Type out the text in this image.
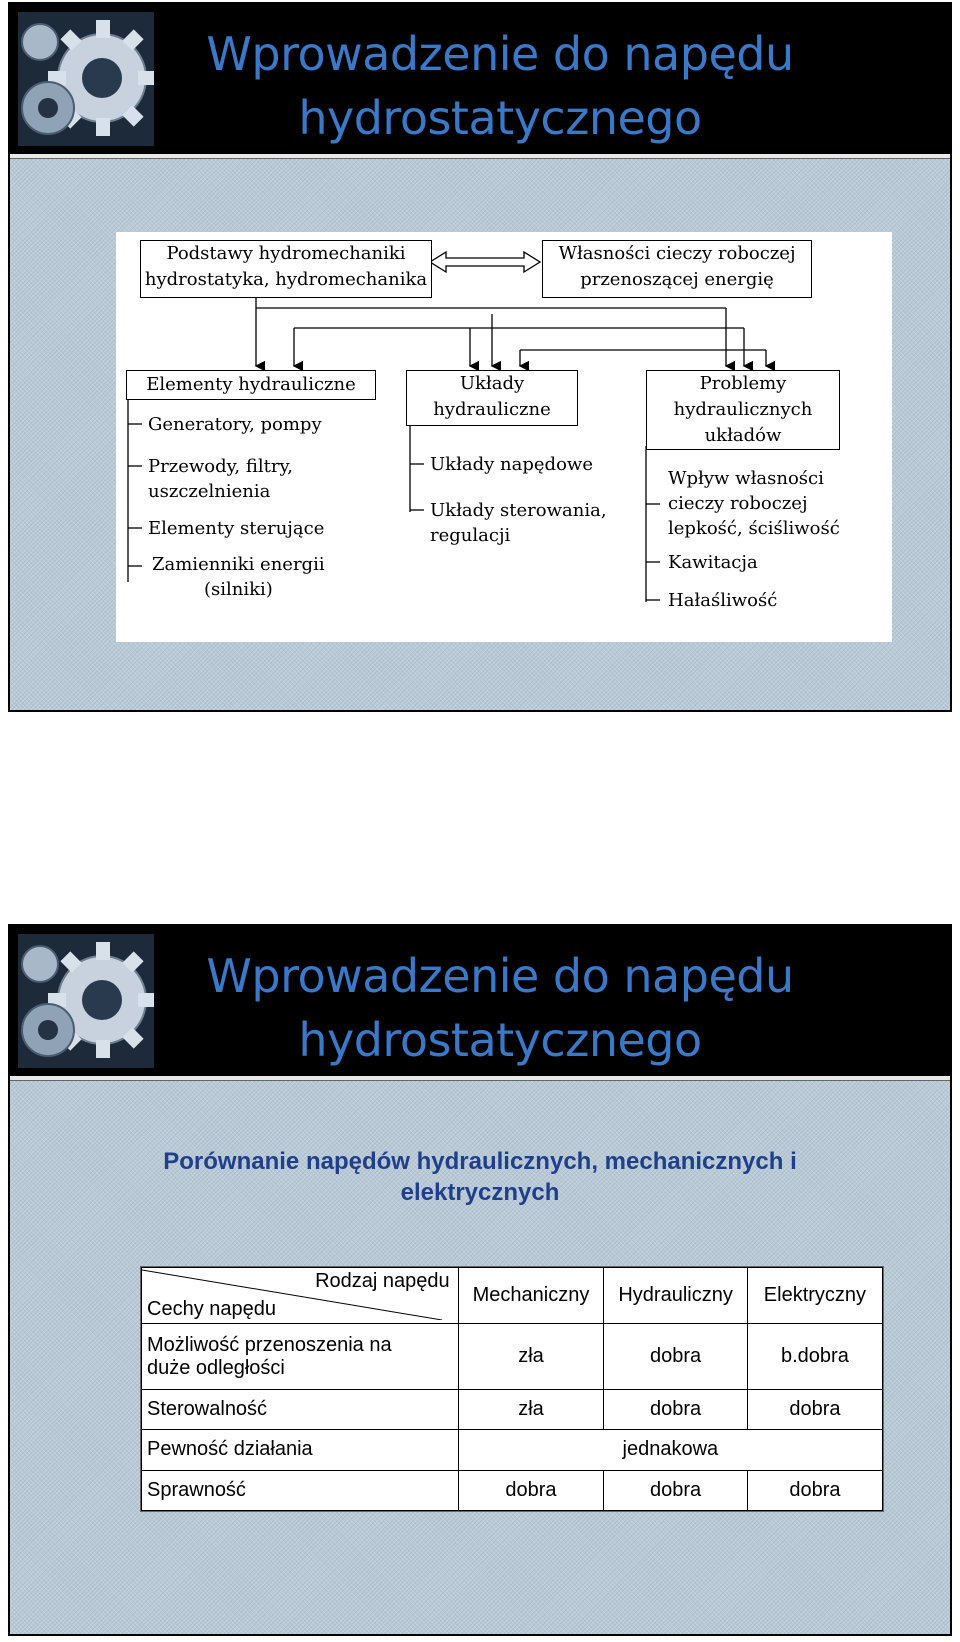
Wprowadzenie do napędu
hydrostatycznego
Podstawy hydromechaniki
hydrostatyka, hydromechanika
Własności cieczy roboczej
przenoszącej energię
Elementy hydrauliczne	Układy
hydrauliczne
Problemy
hydraulicznych
układów
Generatory, pompy
Przewody, filtry,
uszczelnienia
Elementy sterujące
Zamienniki energii
(silniki)
Układy napędowe
Układy sterowania,
regulacji
Wpływ własności
cieczy roboczej
lepkość, ściśliwość
Kawitacja
Hałaśliwość
Wprowadzenie do napędu
hydrostatycznego
Porównanie napędów hydraulicznych, mechanicznych i
elektrycznych
Rodzaj napędu
Cechy napędu	Mechaniczny	Hydrauliczny	Elektryczny

Możliwość przenoszenia na
duże odległości	zła	dobra	b.dobra
Sterowalność	zła	dobra	dobra
Pewność działania	jednakowa		
Sprawność	dobra	dobra	dobra
